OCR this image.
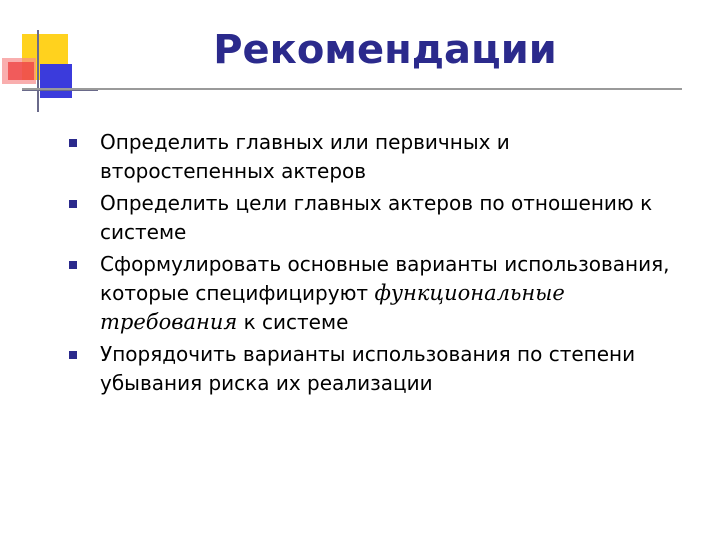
Рекомендации
Определить главных или первичных и второстепенных актеров
Определить цели главных актеров по отношению к системе
Сформулировать основные варианты использования, которые специфицируют функциональные требования к системе
Упорядочить варианты использования по степени убывания риска их реализации
